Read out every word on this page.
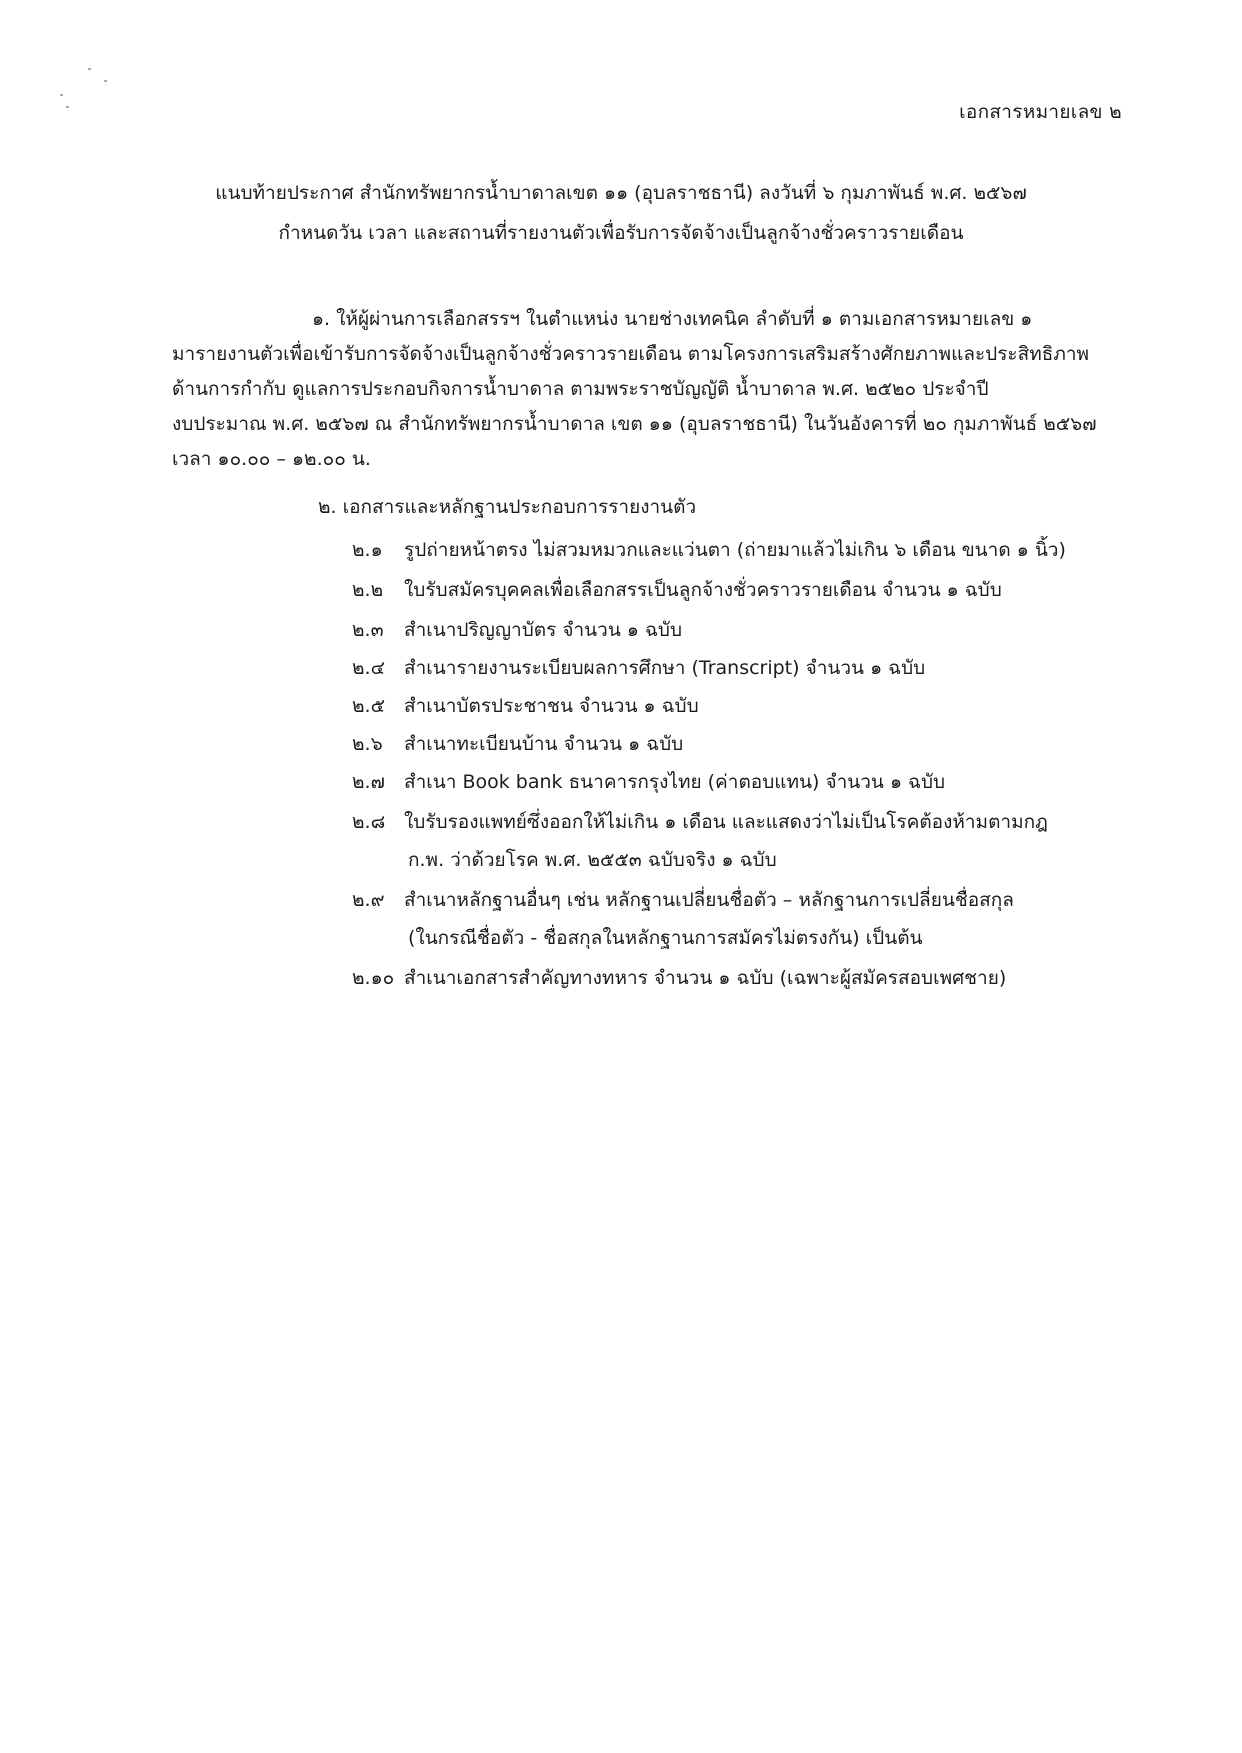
เอกสารหมายเลข ๒
แนบท้ายประกาศ สำนักทรัพยากรน้ำบาดาลเขต ๑๑ (อุบลราชธานี) ลงวันที่ ๖ กุมภาพันธ์ พ.ศ. ๒๕๖๗
กำหนดวัน เวลา และสถานที่รายงานตัวเพื่อรับการจัดจ้างเป็นลูกจ้างชั่วคราวรายเดือน
๑. ให้ผู้ผ่านการเลือกสรรฯ ในตำแหน่ง นายช่างเทคนิค ลำดับที่ ๑ ตามเอกสารหมายเลข ๑
มารายงานตัวเพื่อเข้ารับการจัดจ้างเป็นลูกจ้างชั่วคราวรายเดือน ตามโครงการเสริมสร้างศักยภาพและประสิทธิภาพ
ด้านการกำกับ ดูแลการประกอบกิจการน้ำบาดาล ตามพระราชบัญญัติ น้ำบาดาล พ.ศ. ๒๕๒๐ ประจำปี
งบประมาณ พ.ศ. ๒๕๖๗ ณ สำนักทรัพยากรน้ำบาดาล เขต ๑๑ (อุบลราชธานี) ในวันอังคารที่ ๒๐ กุมภาพันธ์ ๒๕๖๗
เวลา ๑๐.๐๐ – ๑๒.๐๐ น.
๒. เอกสารและหลักฐานประกอบการรายงานตัว
๒.๑ รูปถ่ายหน้าตรง ไม่สวมหมวกและแว่นตา (ถ่ายมาแล้วไม่เกิน ๖ เดือน ขนาด ๑ นิ้ว)
๒.๒ ใบรับสมัครบุคคลเพื่อเลือกสรรเป็นลูกจ้างชั่วคราวรายเดือน จำนวน ๑ ฉบับ
๒.๓ สำเนาปริญญาบัตร จำนวน ๑ ฉบับ
๒.๔ สำเนารายงานระเบียบผลการศึกษา (Transcript) จำนวน ๑ ฉบับ
๒.๕ สำเนาบัตรประชาชน จำนวน ๑ ฉบับ
๒.๖ สำเนาทะเบียนบ้าน จำนวน ๑ ฉบับ
๒.๗ สำเนา Book bank ธนาคารกรุงไทย (ค่าตอบแทน) จำนวน ๑ ฉบับ
๒.๘ ใบรับรองแพทย์ซึ่งออกให้ไม่เกิน ๑ เดือน และแสดงว่าไม่เป็นโรคต้องห้ามตามกฎ
ก.พ. ว่าด้วยโรค พ.ศ. ๒๕๕๓ ฉบับจริง ๑ ฉบับ
๒.๙ สำเนาหลักฐานอื่นๆ เช่น หลักฐานเปลี่ยนชื่อตัว – หลักฐานการเปลี่ยนชื่อสกุล
(ในกรณีชื่อตัว - ชื่อสกุลในหลักฐานการสมัครไม่ตรงกัน) เป็นต้น
๒.๑๐ สำเนาเอกสารสำคัญทางทหาร จำนวน ๑ ฉบับ (เฉพาะผู้สมัครสอบเพศชาย)
